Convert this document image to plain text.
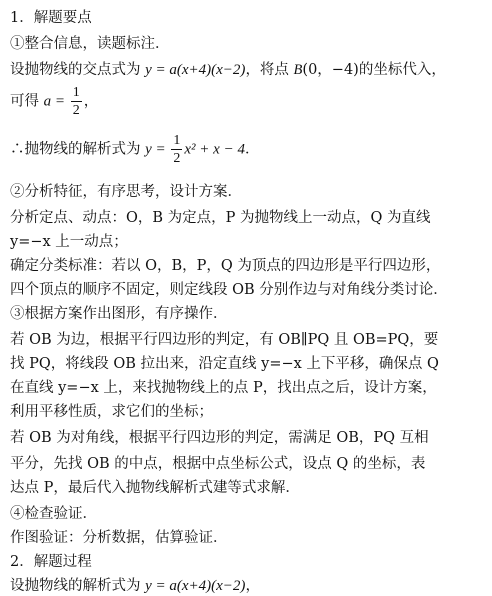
1．解题要点
①整合信息，读题标注．
设抛物线的交点式为 y = a(x+4)(x−2)，将点 B(0，−4)的坐标代入，
可得 $a = \frac{1}{2}$ ，
∴抛物线的解析式为 $y = \frac{1}{2} x^2 + x - 4$．
②分析特征，有序思考，设计方案．
分析定点、动点：O，B 为定点，P 为抛物线上一动点，Q 为直线
y=−x 上一动点；
确定分类标准：若以 O，B，P，Q 为顶点的四边形是平行四边形，
四个顶点的顺序不固定，则定线段 OB 分别作边与对角线分类讨论．
③根据方案作出图形，有序操作．
若 OB 为边，根据平行四边形的判定，有 OB∥PQ 且 OB=PQ，要
找 PQ，将线段 OB 拉出来，沿定直线 y=−x 上下平移，确保点 Q
在直线 y=−x 上，来找抛物线上的点 P，找出点之后，设计方案，
利用平移性质，求它们的坐标；
若 OB 为对角线，根据平行四边形的判定，需满足 OB，PQ 互相
平分，先找 OB 的中点，根据中点坐标公式，设点 Q 的坐标，表
达点 P，最后代入抛物线解析式建等式求解．
④检查验证．
作图验证：分析数据，估算验证．
2．解题过程
设抛物线的解析式为 y = a(x+4)(x−2)，
